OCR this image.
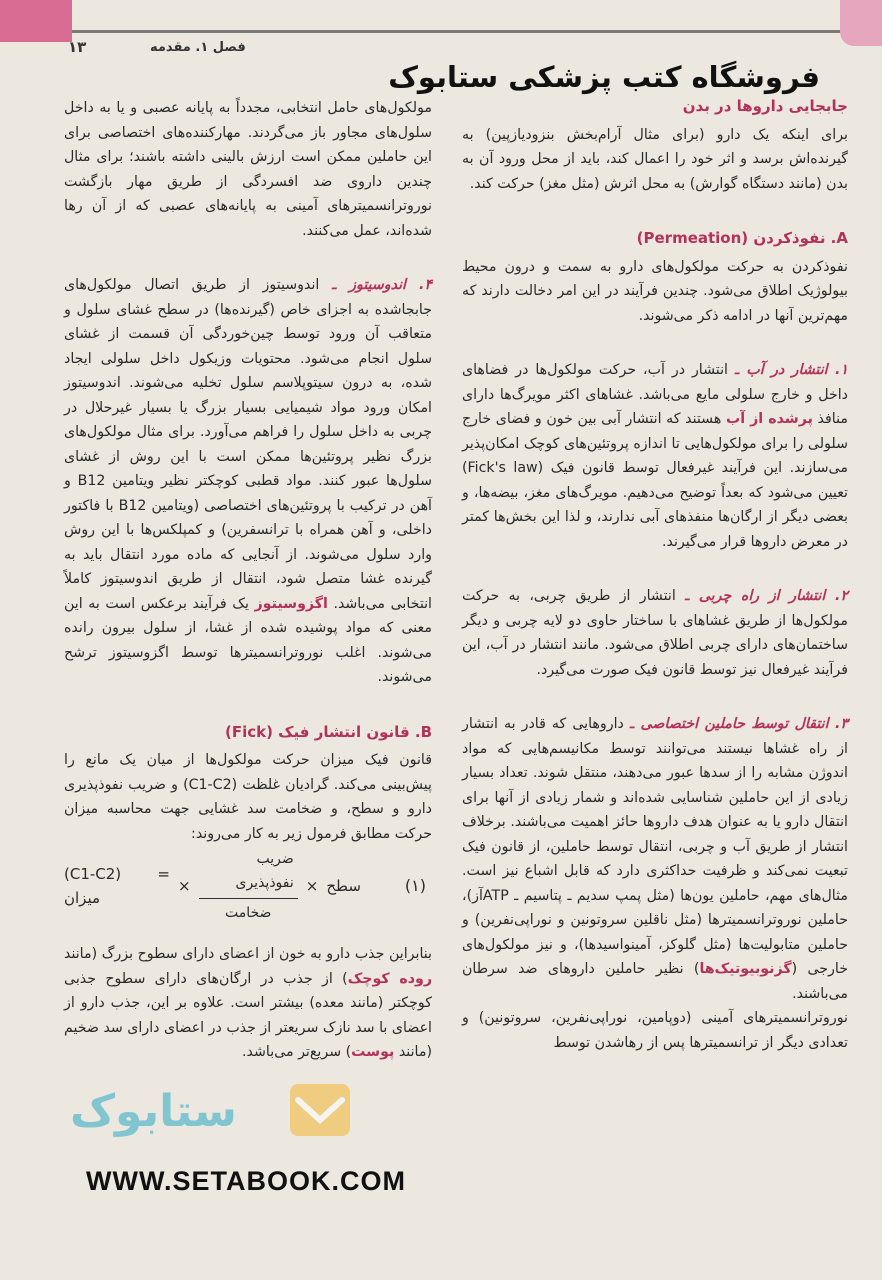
۱۳	فصل ۱. مقدمه
فروشگاه کتب پزشکی ستابوک
جابجایی داروها در بدن

برای اینکه یک دارو (برای مثال آرام‌بخش بنزودیازپین) به گیرنده‌اش برسد و اثر خود را اعمال کند، باید از محل ورود آن به بدن (مانند دستگاه گوارش) به محل اثرش (مثل مغز) حرکت کند.

A. نفوذکردن (Permeation)

نفوذکردن به حرکت مولکول‌های دارو به سمت و درون محیط بیولوژیک اطلاق می‌شود. چندین فرآیند در این امر دخالت دارند که مهم‌ترین آنها در ادامه ذکر می‌شوند.

۱. انتشار در آب ـ انتشار در آب، حرکت مولکول‌ها در فضاهای داخل و خارج سلولی مایع می‌باشد. غشاهای اکثر مویرگ‌ها دارای منافذ پرشده از آب هستند که انتشار آبی بین خون و فضای خارج سلولی را برای مولکول‌هایی تا اندازه پروتئین‌های کوچک امکان‌پذیر می‌سازند. این فرآیند غیرفعال توسط قانون فیک (Fick's law) تعیین می‌شود که بعداً توضیح می‌دهیم. مویرگ‌های مغز، بیضه‌ها، و بعضی دیگر از ارگان‌ها منفذهای آبی ندارند، و لذا این بخش‌ها کمتر در معرض داروها قرار می‌گیرند.

۲. انتشار از راه چربی ـ انتشار از طریق چربی، به حرکت مولکول‌ها از طریق غشاهای با ساختار حاوی دو لایه چربی و دیگر ساختمان‌های دارای چربی اطلاق می‌شود. مانند انتشار در آب، این فرآیند غیرفعال نیز توسط قانون فیک صورت می‌گیرد.

۳. انتقال توسط حاملین اختصاصی ـ داروهایی که قادر به انتشار از راه غشاها نیستند می‌توانند توسط مکانیسم‌هایی که مواد اندوژن مشابه را از سدها عبور می‌دهند، منتقل شوند. تعداد بسیار زیادی از این حاملین شناسایی شده‌اند و شمار زیادی از آنها برای انتقال دارو یا به عنوان هدف داروها حائز اهمیت می‌باشند. برخلاف انتشار از طریق آب و چربی، انتقال توسط حاملین، از قانون فیک تبعیت نمی‌کند و ظرفیت حداکثری دارد که قابل اشباع نیز است. مثال‌های مهم، حاملین یون‌ها (مثل پمپ سدیم ـ پتاسیم ـ ATPآز)، حاملین نوروترانسمیترها (مثل ناقلین سروتونین و نوراپی‌نفرین) و حاملین متابولیت‌ها (مثل گلوکز، آمینواسیدها)، و نیز مولکول‌های خارجی (گزنوبیوتیک‌ها) نظیر حاملین داروهای ضد سرطان می‌باشند.

نوروترانسمیترهای آمینی (دوپامین، نوراپی‌نفرین، سروتونین) و تعدادی دیگر از ترانسمیترها پس از رهاشدن توسط

مولکول‌های حامل انتخابی، مجدداً به پایانه عصبی و یا به داخل سلول‌های مجاور باز می‌گردند. مهارکننده‌های اختصاصی برای این حاملین ممکن است ارزش بالینی داشته باشند؛ برای مثال چندین داروی ضد افسردگی از طریق مهار بازگشت نوروترانسمیترهای آمینی به پایانه‌های عصبی که از آن رها شده‌اند، عمل می‌کنند.

۴. اندوسیتوز ـ اندوسیتوز از طریق اتصال مولکول‌های جابجاشده به اجزای خاص (گیرنده‌ها) در سطح غشای سلول و متعاقب آن ورود توسط چین‌خوردگی آن قسمت از غشای سلول انجام می‌شود. محتویات وزیکول داخل سلولی ایجاد شده، به درون سیتوپلاسم سلول تخلیه می‌شوند. اندوسیتوز امکان ورود مواد شیمیایی بسیار بزرگ یا بسیار غیرحلال در چربی به داخل سلول را فراهم می‌آورد. برای مثال مولکول‌های بزرگ نظیر پروتئین‌ها ممکن است با این روش از غشای سلول‌ها عبور کنند. مواد قطبی کوچکتر نظیر ویتامین B12 و آهن در ترکیب با پروتئین‌های اختصاصی (ویتامین B12 با فاکتور داخلی، و آهن همراه با ترانسفرین) و کمپلکس‌ها با این روش وارد سلول می‌شوند. از آنجایی که ماده مورد انتقال باید به گیرنده غشا متصل شود، انتقال از طریق اندوسیتوز کاملاً انتخابی می‌باشد. اگزوسیتوز یک فرآیند برعکس است به این معنی که مواد پوشیده شده از غشا، از سلول بیرون رانده می‌شوند. اغلب نوروترانسمیترها توسط اگزوسیتوز ترشح می‌شوند.

B. قانون انتشار فیک (Fick)

قانون فیک میزان حرکت مولکول‌ها از میان یک مانع را پیش‌بینی می‌کند. گرادیان غلظت (C1-C2) و ضریب نفوذپذیری دارو و سطح، و ضخامت سد غشایی جهت محاسبه میزان حرکت مطابق فرمول زیر به کار می‌روند:

(C1-C2) = میزان
× $\frac{\text{ضریب نفوذپذیری}}{\text{ضخامت}}$ × سطح	(۱)

بنابراین جذب دارو به خون از اعضای دارای سطوح بزرگ (مانند روده کوچک) از جذب در ارگان‌های دارای سطوح جذبی کوچکتر (مانند معده) بیشتر است. علاوه بر این، جذب دارو از اعضای با سد نازک سریعتر از جذب در اعضای دارای سد ضخیم (مانند پوست) سریع‌تر می‌باشد.

ستابوک
WWW.SETABOOK.COM
